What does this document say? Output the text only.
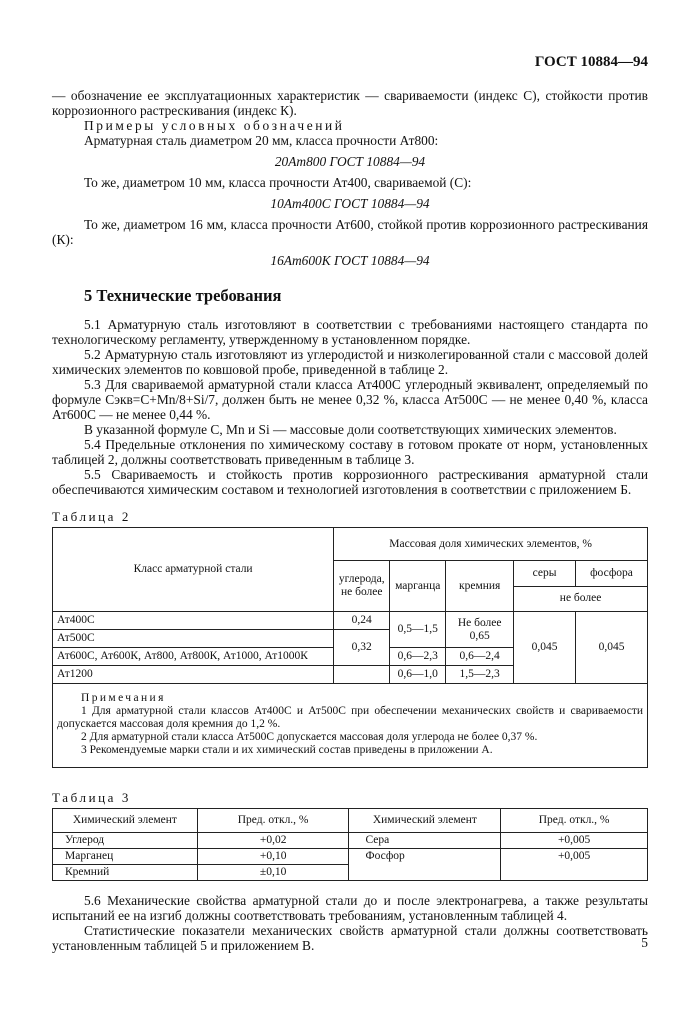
ГОСТ 10884—94

— обозначение ее эксплуатационных характеристик — свариваемости (индекс С), стойкости против коррозионного растрескивания (индекс К).

Примеры условных обозначений

Арматурная сталь диаметром 20 мм, класса прочности Ат800:

20Ат800 ГОСТ 10884—94

То же, диаметром 10 мм, класса прочности Ат400, свариваемой (С):

10Ат400С ГОСТ 10884—94

То же, диаметром 16 мм, класса прочности Ат600, стойкой против коррозионного растрескивания (К):

16Ат600К ГОСТ 10884—94

5 Технические требования

5.1 Арматурную сталь изготовляют в соответствии с требованиями настоящего стандарта по технологическому регламенту, утвержденному в установленном порядке.

5.2 Арматурную сталь изготовляют из углеродистой и низколегированной стали с массовой долей химических элементов по ковшовой пробе, приведенной в таблице 2.

5.3 Для свариваемой арматурной стали класса Ат400С углеродный эквивалент, определяемый по формуле Cэкв=C+Mn/8+Si/7, должен быть не менее 0,32 %, класса Ат500С — не менее 0,40 %, класса Ат600С — не менее 0,44 %.

В указанной формуле С, Mn и Si — массовые доли соответствующих химических элементов.

5.4 Предельные отклонения по химическому составу в готовом прокате от норм, установленных таблицей 2, должны соответствовать приведенным в таблице 3.

5.5 Свариваемость и стойкость против коррозионного растрескивания арматурной стали обеспечиваются химическим составом и технологией изготовления в соответствии с приложением Б.

Таблица 2
Класс арматурной стали	Массовая доля химических элементов, %				
	углерода, не более	марганца	кремния	серы	фосфора
				не более	
Ат400С	0,24	0,5—1,5	Не более 0,65	0,045	0,045
Ат500С	0,32				
Ат600С, Ат600К, Ат800, Ат800К, Ат1000, Ат1000К		0,6—2,3	0,6—2,4		
Ат1200		0,6—1,0	1,5—2,3		

Примечания
1 Для арматурной стали классов Ат400С и Ат500С при обеспечении механических свойств и свариваемости допускается массовая доля кремния до 1,2 %.
2 Для арматурной стали класса Ат500С допускается массовая доля углерода не более 0,37 %.
3 Рекомендуемые марки стали и их химический состав приведены в приложении А.					
Таблица 3
Химический элемент	Пред. откл., %	Химический элемент	Пред. откл., %
Углерод	+0,02	Сера	+0,005
Марганец	+0,10	Фосфор	+0,005
Кремний	±0,10		

5.6 Механические свойства арматурной стали до и после электронагрева, а также результаты испытаний ее на изгиб должны соответствовать требованиям, установленным таблицей 4.

Статистические показатели механических свойств арматурной стали должны соответствовать установленным таблицей 5 и приложением В.	5
